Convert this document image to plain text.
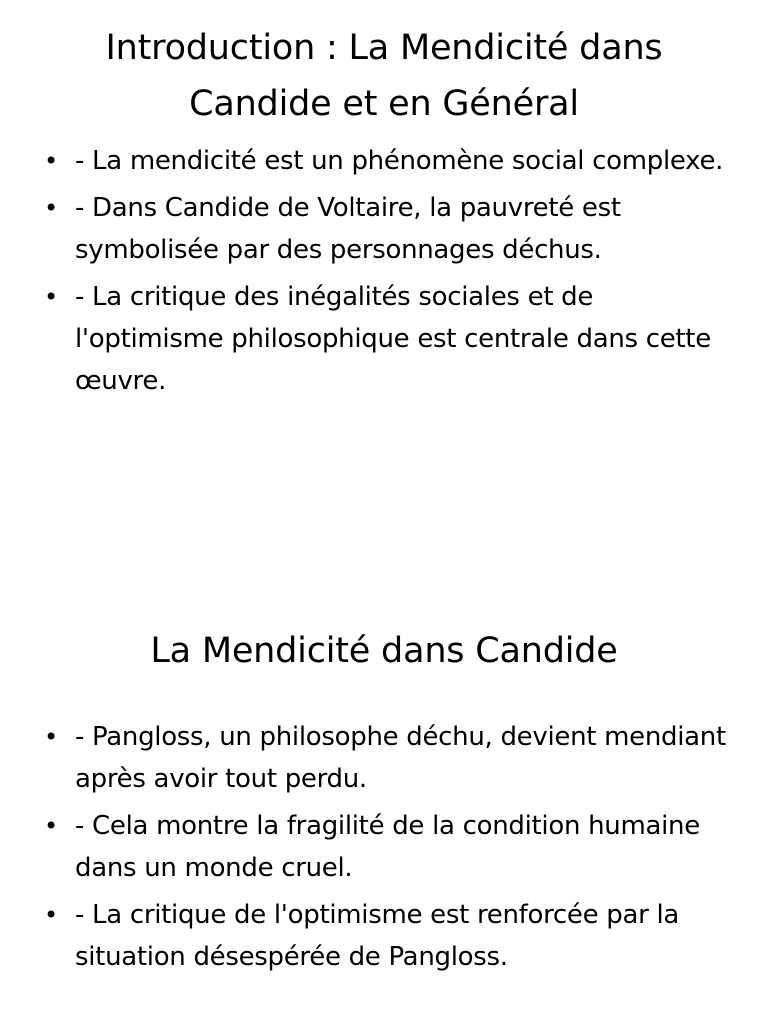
Introduction : La Mendicité dans
Candide et en Général
• - La mendicité est un phénomène social complexe.
• - Dans Candide de Voltaire, la pauvreté est symbolisée par des personnages déchus.
• - La critique des inégalités sociales et de l'optimisme philosophique est centrale dans cette œuvre.
La Mendicité dans Candide
• - Pangloss, un philosophe déchu, devient mendiant après avoir tout perdu.
• - Cela montre la fragilité de la condition humaine dans un monde cruel.
• - La critique de l'optimisme est renforcée par la situation désespérée de Pangloss.
